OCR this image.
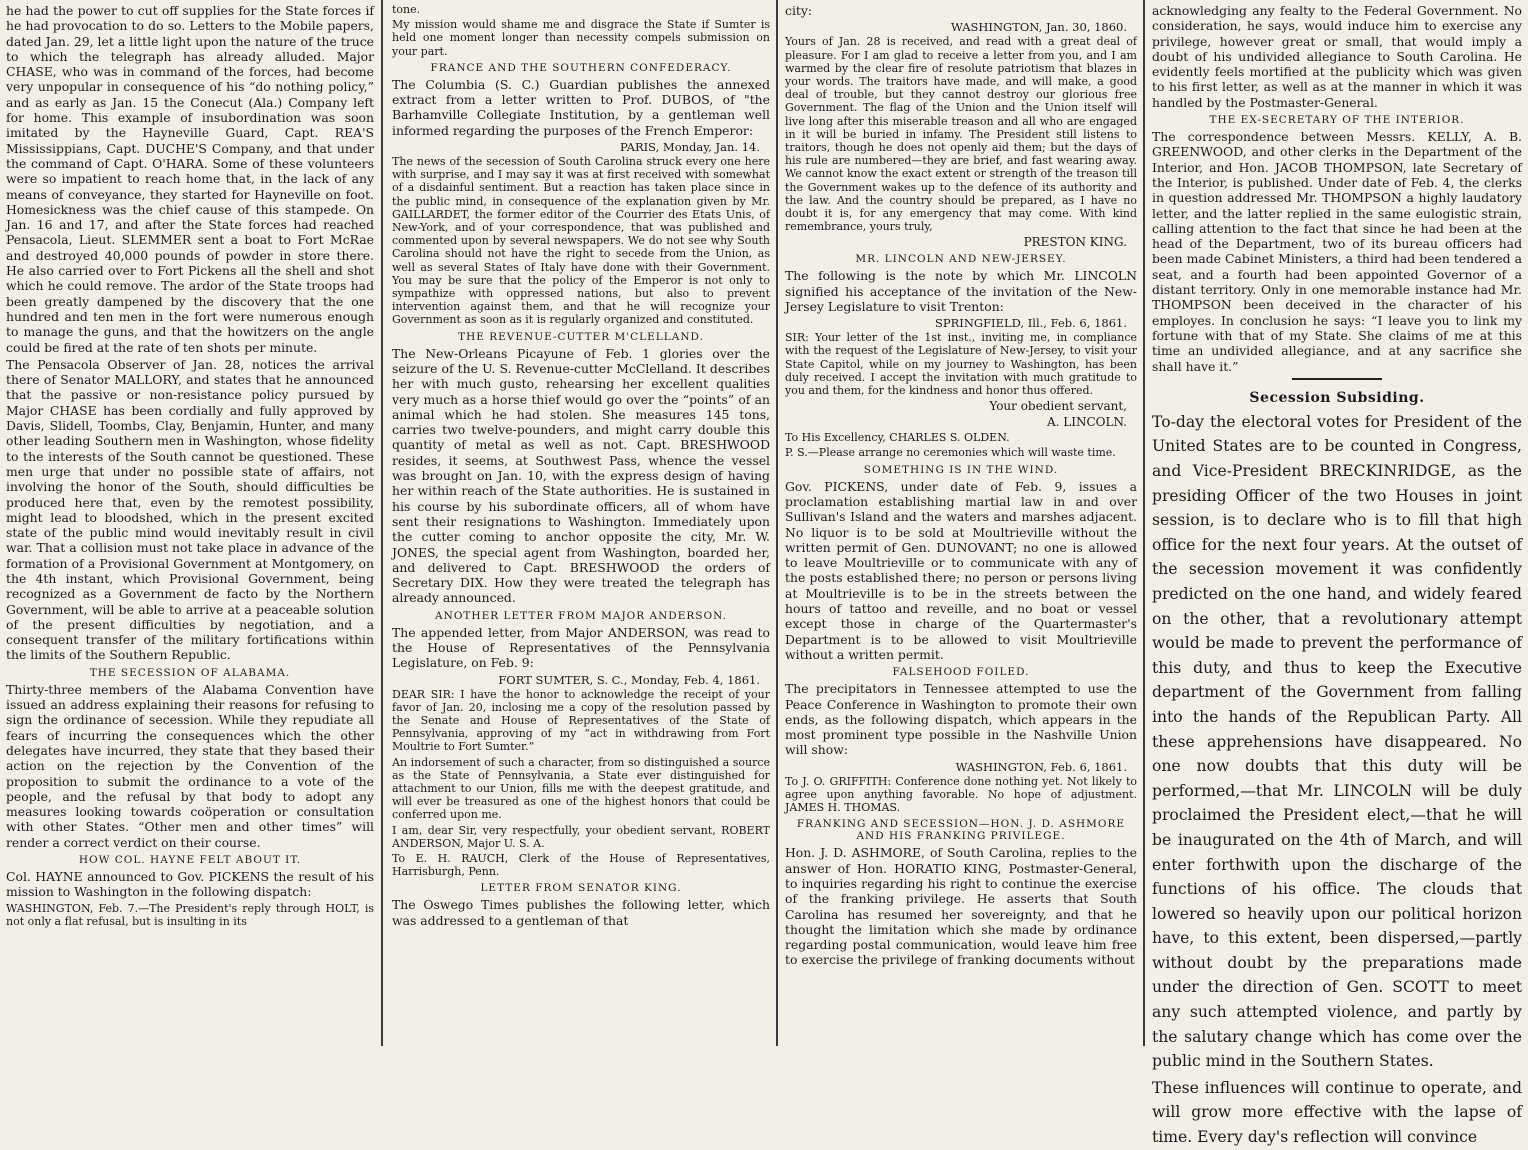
he had the power to cut off supplies for the State forces if he had provocation to do so. Letters to the Mobile papers, dated Jan. 29, let a little light upon the nature of the truce to which the telegraph has already alluded. Major CHASE, who was in command of the forces, had become very unpopular in consequence of his “do nothing policy,” and as early as Jan. 15 the Conecut (Ala.) Company left for home. This example of insubordination was soon imitated by the Hayneville Guard, Capt. REA'S Mississippians, Capt. DUCHE'S Company, and that under the command of Capt. O'HARA. Some of these volunteers were so impatient to reach home that, in the lack of any means of conveyance, they started for Hayneville on foot. Homesickness was the chief cause of this stampede. On Jan. 16 and 17, and after the State forces had reached Pensacola, Lieut. SLEMMER sent a boat to Fort McRae and destroyed 40,000 pounds of powder in store there. He also carried over to Fort Pickens all the shell and shot which he could remove. The ardor of the State troops had been greatly dampened by the discovery that the one hundred and ten men in the fort were numerous enough to manage the guns, and that the howitzers on the angle could be fired at the rate of ten shots per minute.

The Pensacola Observer of Jan. 28, notices the arrival there of Senator MALLORY, and states that he announced that the passive or non-resistance policy pursued by Major CHASE has been cordially and fully approved by Davis, Slidell, Toombs, Clay, Benjamin, Hunter, and many other leading Southern men in Washington, whose fidelity to the interests of the South cannot be questioned. These men urge that under no possible state of affairs, not involving the honor of the South, should difficulties be produced here that, even by the remotest possibility, might lead to bloodshed, which in the present excited state of the public mind would inevitably result in civil war. That a collision must not take place in advance of the formation of a Provisional Government at Montgomery, on the 4th instant, which Provisional Government, being recognized as a Government de facto by the Northern Government, will be able to arrive at a peaceable solution of the present difficulties by negotiation, and a consequent transfer of the military fortifications within the limits of the Southern Republic.

THE SECESSION OF ALABAMA.

Thirty-three members of the Alabama Convention have issued an address explaining their reasons for refusing to sign the ordinance of secession. While they repudiate all fears of incurring the consequences which the other delegates have incurred, they state that they based their action on the rejection by the Convention of the proposition to submit the ordinance to a vote of the people, and the refusal by that body to adopt any measures looking towards coöperation or consultation with other States. “Other men and other times” will render a correct verdict on their course.

HOW COL. HAYNE FELT ABOUT IT.

Col. HAYNE announced to Gov. PICKENS the result of his mission to Washington in the following dispatch:

WASHINGTON, Feb. 7.—The President's reply through HOLT, is not only a flat refusal, but is insulting in its

tone.

My mission would shame me and disgrace the State if Sumter is held one moment longer than necessity compels submission on your part.

FRANCE AND THE SOUTHERN CONFEDERACY.

The Columbia (S. C.) Guardian publishes the annexed extract from a letter written to Prof. DUBOS, of "the Barhamville Collegiate Institution, by a gentleman well informed regarding the purposes of the French Emperor:

PARIS, Monday, Jan. 14.

The news of the secession of South Carolina struck every one here with surprise, and I may say it was at first received with somewhat of a disdainful sentiment. But a reaction has taken place since in the public mind, in consequence of the explanation given by Mr. GAILLARDET, the former editor of the Courrier des Etats Unis, of New-York, and of your correspondence, that was published and commented upon by several newspapers. We do not see why South Carolina should not have the right to secede from the Union, as well as several States of Italy have done with their Government. You may be sure that the policy of the Emperor is not only to sympathize with oppressed nations, but also to prevent intervention against them, and that he will recognize your Government as soon as it is regularly organized and constituted.

THE REVENUE-CUTTER M'CLELLAND.

The New-Orleans Picayune of Feb. 1 glories over the seizure of the U. S. Revenue-cutter McClelland. It describes her with much gusto, rehearsing her excellent qualities very much as a horse thief would go over the “points” of an animal which he had stolen. She measures 145 tons, carries two twelve-pounders, and might carry double this quantity of metal as well as not. Capt. BRESHWOOD resides, it seems, at Southwest Pass, whence the vessel was brought on Jan. 10, with the express design of having her within reach of the State authorities. He is sustained in his course by his subordinate officers, all of whom have sent their resignations to Washington. Immediately upon the cutter coming to anchor opposite the city, Mr. W. JONES, the special agent from Washington, boarded her, and delivered to Capt. BRESHWOOD the orders of Secretary DIX. How they were treated the telegraph has already announced.

ANOTHER LETTER FROM MAJOR ANDERSON.

The appended letter, from Major ANDERSON, was read to the House of Representatives of the Pennsylvania Legislature, on Feb. 9:

FORT SUMTER, S. C., Monday, Feb. 4, 1861.

DEAR SIR: I have the honor to acknowledge the receipt of your favor of Jan. 20, inclosing me a copy of the resolution passed by the Senate and House of Representatives of the State of Pennsylvania, approving of my “act in withdrawing from Fort Moultrie to Fort Sumter.”

An indorsement of such a character, from so distinguished a source as the State of Pennsylvania, a State ever distinguished for attachment to our Union, fills me with the deepest gratitude, and will ever be treasured as one of the highest honors that could be conferred upon me.

I am, dear Sir, very respectfully, your obedient servant, ROBERT ANDERSON, Major U. S. A.

To E. H. RAUCH, Clerk of the House of Representatives, Harrisburgh, Penn.

LETTER FROM SENATOR KING.

The Oswego Times publishes the following letter, which was addressed to a gentleman of that

city:

WASHINGTON, Jan. 30, 1860.

Yours of Jan. 28 is received, and read with a great deal of pleasure. For I am glad to receive a letter from you, and I am warmed by the clear fire of resolute patriotism that blazes in your words. The traitors have made, and will make, a good deal of trouble, but they cannot destroy our glorious free Government. The flag of the Union and the Union itself will live long after this miserable treason and all who are engaged in it will be buried in infamy. The President still listens to traitors, though he does not openly aid them; but the days of his rule are numbered—they are brief, and fast wearing away. We cannot know the exact extent or strength of the treason till the Government wakes up to the defence of its authority and the law. And the country should be prepared, as I have no doubt it is, for any emergency that may come. With kind remembrance, yours truly,

PRESTON KING.
MR. LINCOLN AND NEW-JERSEY.

The following is the note by which Mr. LINCOLN signified his acceptance of the invitation of the New-Jersey Legislature to visit Trenton:

SPRINGFIELD, Ill., Feb. 6, 1861.

SIR: Your letter of the 1st inst., inviting me, in compliance with the request of the Legislature of New-Jersey, to visit your State Capitol, while on my journey to Washington, has been duly received. I accept the invitation with much gratitude to you and them, for the kindness and honor thus offered.

Your obedient servant,
A. LINCOLN.

To His Excellency, CHARLES S. OLDEN.

P. S.—Please arrange no ceremonies which will waste time.

SOMETHING IS IN THE WIND.

Gov. PICKENS, under date of Feb. 9, issues a proclamation establishing martial law in and over Sullivan's Island and the waters and marshes adjacent. No liquor is to be sold at Moultrieville without the written permit of Gen. DUNOVANT; no one is allowed to leave Moultrieville or to communicate with any of the posts established there; no person or persons living at Moultrieville is to be in the streets between the hours of tattoo and reveille, and no boat or vessel except those in charge of the Quartermaster's Department is to be allowed to visit Moultrieville without a written permit.

FALSEHOOD FOILED.

The precipitators in Tennessee attempted to use the Peace Conference in Washington to promote their own ends, as the following dispatch, which appears in the most prominent type possible in the Nashville Union will show:

WASHINGTON, Feb. 6, 1861.

To J. O. GRIFFITH: Conference done nothing yet. Not likely to agree upon anything favorable. No hope of adjustment. JAMES H. THOMAS.

FRANKING AND SECESSION—HON. J. D. ASHMORE AND HIS FRANKING PRIVILEGE.

Hon. J. D. ASHMORE, of South Carolina, replies to the answer of Hon. HORATIO KING, Postmaster-General, to inquiries regarding his right to continue the exercise of the franking privilege. He asserts that South Carolina has resumed her sovereignty, and that he thought the limitation which she made by ordinance regarding postal communication, would leave him free to exercise the privilege of franking documents without

acknowledging any fealty to the Federal Government. No consideration, he says, would induce him to exercise any privilege, however great or small, that would imply a doubt of his undivided allegiance to South Carolina. He evidently feels mortified at the publicity which was given to his first letter, as well as at the manner in which it was handled by the Postmaster-General.

THE EX-SECRETARY OF THE INTERIOR.

The correspondence between Messrs. KELLY, A. B. GREENWOOD, and other clerks in the Department of the Interior, and Hon. JACOB THOMPSON, late Secretary of the Interior, is published. Under date of Feb. 4, the clerks in question addressed Mr. THOMPSON a highly laudatory letter, and the latter replied in the same eulogistic strain, calling attention to the fact that since he had been at the head of the Department, two of its bureau officers had been made Cabinet Ministers, a third had been tendered a seat, and a fourth had been appointed Governor of a distant territory. Only in one memorable instance had Mr. THOMPSON been deceived in the character of his employes. In conclusion he says: “I leave you to link my fortune with that of my State. She claims of me at this time an undivided allegiance, and at any sacrifice she shall have it.”

Secession Subsiding.

To-day the electoral votes for President of the United States are to be counted in Congress, and Vice-President BRECKINRIDGE, as the presiding Officer of the two Houses in joint session, is to declare who is to fill that high office for the next four years. At the outset of the secession movement it was confidently predicted on the one hand, and widely feared on the other, that a revolutionary attempt would be made to prevent the performance of this duty, and thus to keep the Executive department of the Government from falling into the hands of the Republican Party. All these apprehensions have disappeared. No one now doubts that this duty will be performed,—that Mr. LINCOLN will be duly proclaimed the President elect,—that he will be inaugurated on the 4th of March, and will enter forthwith upon the discharge of the functions of his office. The clouds that lowered so heavily upon our political horizon have, to this extent, been dispersed,—partly without doubt by the preparations made under the direction of Gen. SCOTT to meet any such attempted violence, and partly by the salutary change which has come over the public mind in the Southern States.

These influences will continue to operate, and will grow more effective with the lapse of time. Every day's reflection will convince
